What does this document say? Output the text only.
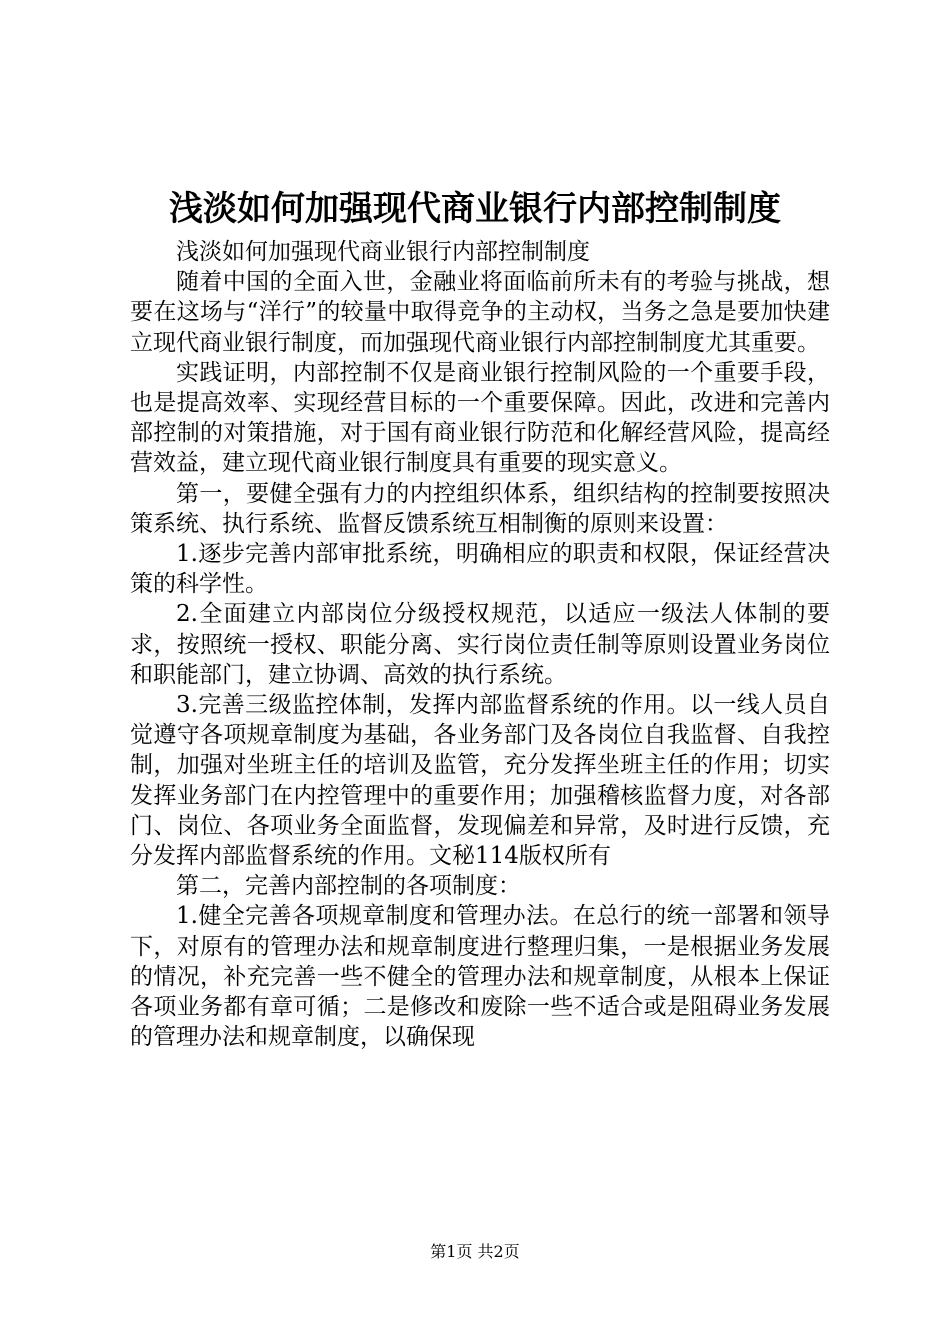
浅淡如何加强现代商业银行内部控制制度

浅淡如何加强现代商业银行内部控制制度

随着中国的全面入世，金融业将面临前所未有的考验与挑战，想要在这场与“洋行”的较量中取得竞争的主动权，当务之急是要加快建立现代商业银行制度，而加强现代商业银行内部控制制度尤其重要。

实践证明，内部控制不仅是商业银行控制风险的一个重要手段，也是提高效率、实现经营目标的一个重要保障。因此，改进和完善内部控制的对策措施，对于国有商业银行防范和化解经营风险，提高经营效益，建立现代商业银行制度具有重要的现实意义。

第一，要健全强有力的内控组织体系，组织结构的控制要按照决策系统、执行系统、监督反馈系统互相制衡的原则来设置：

1.逐步完善内部审批系统，明确相应的职责和权限，保证经营决策的科学性。

2.全面建立内部岗位分级授权规范，以适应一级法人体制的要求，按照统一授权、职能分离、实行岗位责任制等原则设置业务岗位和职能部门，建立协调、高效的执行系统。

3.完善三级监控体制，发挥内部监督系统的作用。以一线人员自觉遵守各项规章制度为基础，各业务部门及各岗位自我监督、自我控制，加强对坐班主任的培训及监管，充分发挥坐班主任的作用；切实发挥业务部门在内控管理中的重要作用；加强稽核监督力度，对各部门、岗位、各项业务全面监督，发现偏差和异常，及时进行反馈，充分发挥内部监督系统的作用。文秘114版权所有

第二，完善内部控制的各项制度：

1.健全完善各项规章制度和管理办法。在总行的统一部署和领导下，对原有的管理办法和规章制度进行整理归集，一是根据业务发展的情况，补充完善一些不健全的管理办法和规章制度，从根本上保证各项业务都有章可循；二是修改和废除一些不适合或是阻碍业务发展的管理办法和规章制度，以确保现

第1页 共2页
